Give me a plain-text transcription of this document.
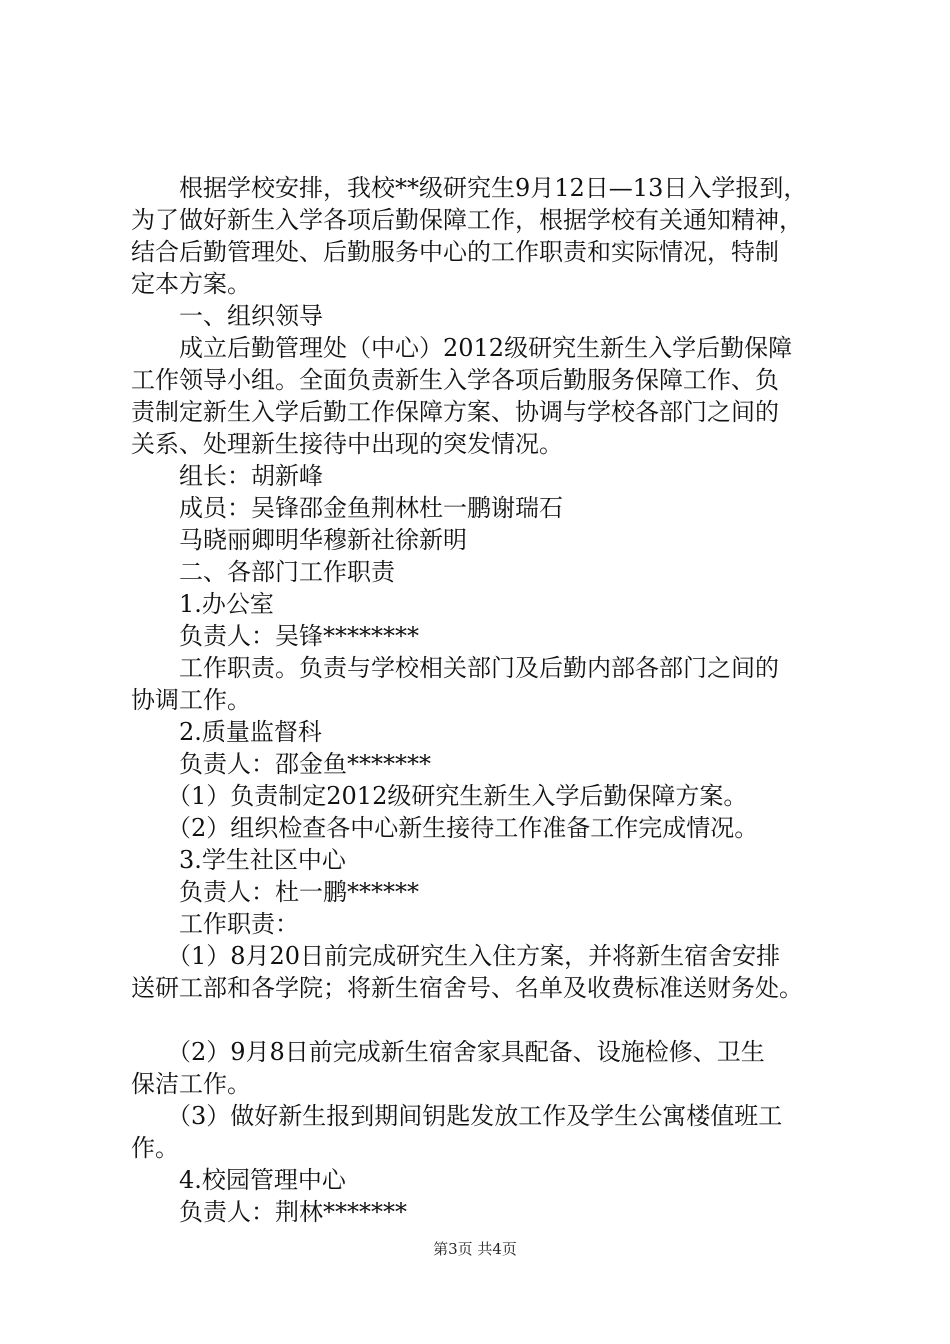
　　根据学校安排，我校**级研究生9月12日—13日入学报到，
为了做好新生入学各项后勤保障工作，根据学校有关通知精神，
结合后勤管理处、后勤服务中心的工作职责和实际情况，特制
定本方案。
　　一、组织领导
　　成立后勤管理处（中心）2012级研究生新生入学后勤保障
工作领导小组。全面负责新生入学各项后勤服务保障工作、负
责制定新生入学后勤工作保障方案、协调与学校各部门之间的
关系、处理新生接待中出现的突发情况。
　　组长：胡新峰
　　成员：吴锋邵金鱼荆林杜一鹏谢瑞石
　　马晓丽卿明华穆新社徐新明
　　二、各部门工作职责
　　1.办公室
　　负责人：吴锋********
　　工作职责。负责与学校相关部门及后勤内部各部门之间的
协调工作。
　　2.质量监督科
　　负责人：邵金鱼*******
　　（1）负责制定2012级研究生新生入学后勤保障方案。
　　（2）组织检查各中心新生接待工作准备工作完成情况。
　　3.学生社区中心
　　负责人：杜一鹏******
　　工作职责：
　　（1）8月20日前完成研究生入住方案，并将新生宿舍安排
送研工部和各学院；将新生宿舍号、名单及收费标准送财务处。
　　（2）9月8日前完成新生宿舍家具配备、设施检修、卫生
保洁工作。
　　（3）做好新生报到期间钥匙发放工作及学生公寓楼值班工
作。
　　4.校园管理中心
　　负责人：荆林*******
第3页 共4页
